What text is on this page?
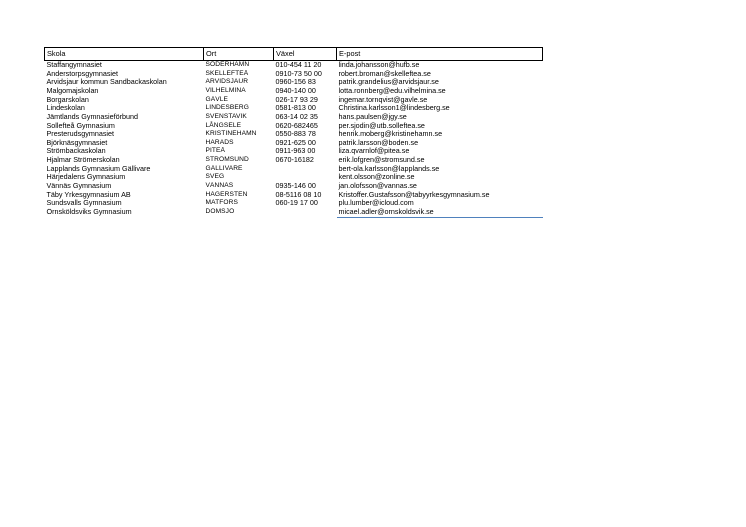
Skola	Ort	Växel	E-post
Staffangymnasiet	SÖDERHAMN	010-454 11 20	linda.johansson@hufb.se
Anderstorpsgymnasiet	SKELLEFTEÅ	0910-73 50 00	robert.broman@skelleftea.se
Arvidsjaur kommun Sandbackaskolan	ARVIDSJAUR	0960-156 83	patrik.grandelius@arvidsjaur.se
Malgomajskolan	VILHELMINA	0940-140 00	lotta.ronnberg@edu.vilhelmina.se
Borgarskolan	GÄVLE	026-17 93 29	ingemar.tornqvist@gavle.se
Lindeskolan	LINDESBERG	0581-813 00	Christina.karlsson1@lindesberg.se
Jämtlands Gymnasieförbund	SVENSTAVIK	063-14 02 35	hans.paulsen@jgy.se
Sollefteå Gymnasium	LÅNGSELE	0620-682465	per.sjodin@utb.solleftea.se
Presterudsgymnasiet	KRISTINEHAMN	0550-883 78	henrik.moberg@kristinehamn.se
Björknäsgymnasiet	HARADS	0921-625 00	patrik.larsson@boden.se
Strömbackaskolan	PITEÅ	0911-963 00	liza.qvarnlof@pitea.se
Hjalmar Strömerskolan	STRÖMSUND	0670-16182	erik.lofgren@stromsund.se
Lapplands Gymnasium Gällivare	GÄLLIVARE		bert-ola.karlsson@lapplands.se
Härjedalens Gymnasium	SVEG		kent.olsson@zonline.se
Vännäs Gymnasium	VÄNNÄS	0935-146 00	jan.olofsson@vannas.se
Täby Yrkesgymnasium AB	HÄGERSTEN	08-5116 08 10	Kristoffer.Gustafsson@tabyyrkesgymnasium.se
Sundsvalls Gymnasium	MATFORS	060-19 17 00	plu.lumber@icloud.com
Örnsköldsviks Gymnasium	DOMSJÖ		micael.adler@ornskoldsvik.se
